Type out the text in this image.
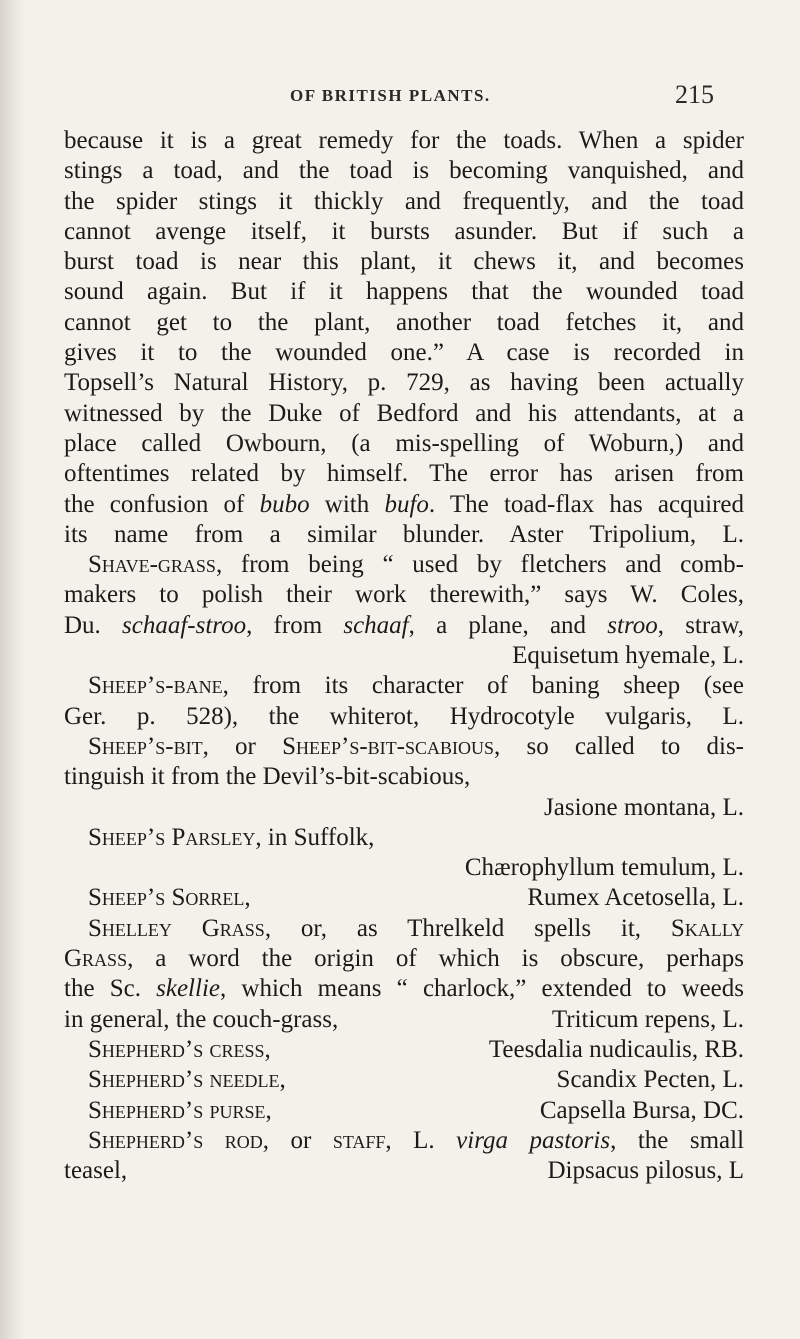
OF BRITISH PLANTS.	215
because it is a great remedy for the toads. When a spider
stings a toad, and the toad is becoming vanquished, and
the spider stings it thickly and frequently, and the toad
cannot avenge itself, it bursts asunder. But if such a
burst toad is near this plant, it chews it, and becomes
sound again. But if it happens that the wounded toad
cannot get to the plant, another toad fetches it, and
gives it to the wounded one.” A case is recorded in
Topsell’s Natural History, p. 729, as having been actually
witnessed by the Duke of Bedford and his attendants, at a
place called Owbourn, (a mis-spelling of Woburn,) and
oftentimes related by himself. The error has arisen from
the confusion of bubo with bufo. The toad-flax has acquired
its name from a similar blunder. Aster Tripolium, L.
Shave-grass, from being “ used by fletchers and comb-
makers to polish their work therewith,” says W. Coles,
Du. schaaf-stroo, from schaaf, a plane, and stroo, straw,
Equisetum hyemale, L.
Sheep’s-bane, from its character of baning sheep (see
Ger. p. 528), the whiterot, Hydrocotyle vulgaris, L.
Sheep’s-bit, or Sheep’s-bit-scabious, so called to dis-
tinguish it from the Devil’s-bit-scabious,
Jasione montana, L.
Sheep’s Parsley, in Suffolk,
Chærophyllum temulum, L.
Sheep’s Sorrel,	Rumex Acetosella, L.
Shelley Grass, or, as Threlkeld spells it, Skally
Grass, a word the origin of which is obscure, perhaps
the Sc. skellie, which means “ charlock,” extended to weeds
in general, the couch-grass,	Triticum repens, L.
Shepherd’s cress,	Teesdalia nudicaulis, RB.
Shepherd’s needle,	Scandix Pecten, L.
Shepherd’s purse,	Capsella Bursa, DC.
Shepherd’s rod, or staff, L. virga pastoris, the small
teasel,	Dipsacus pilosus, L
